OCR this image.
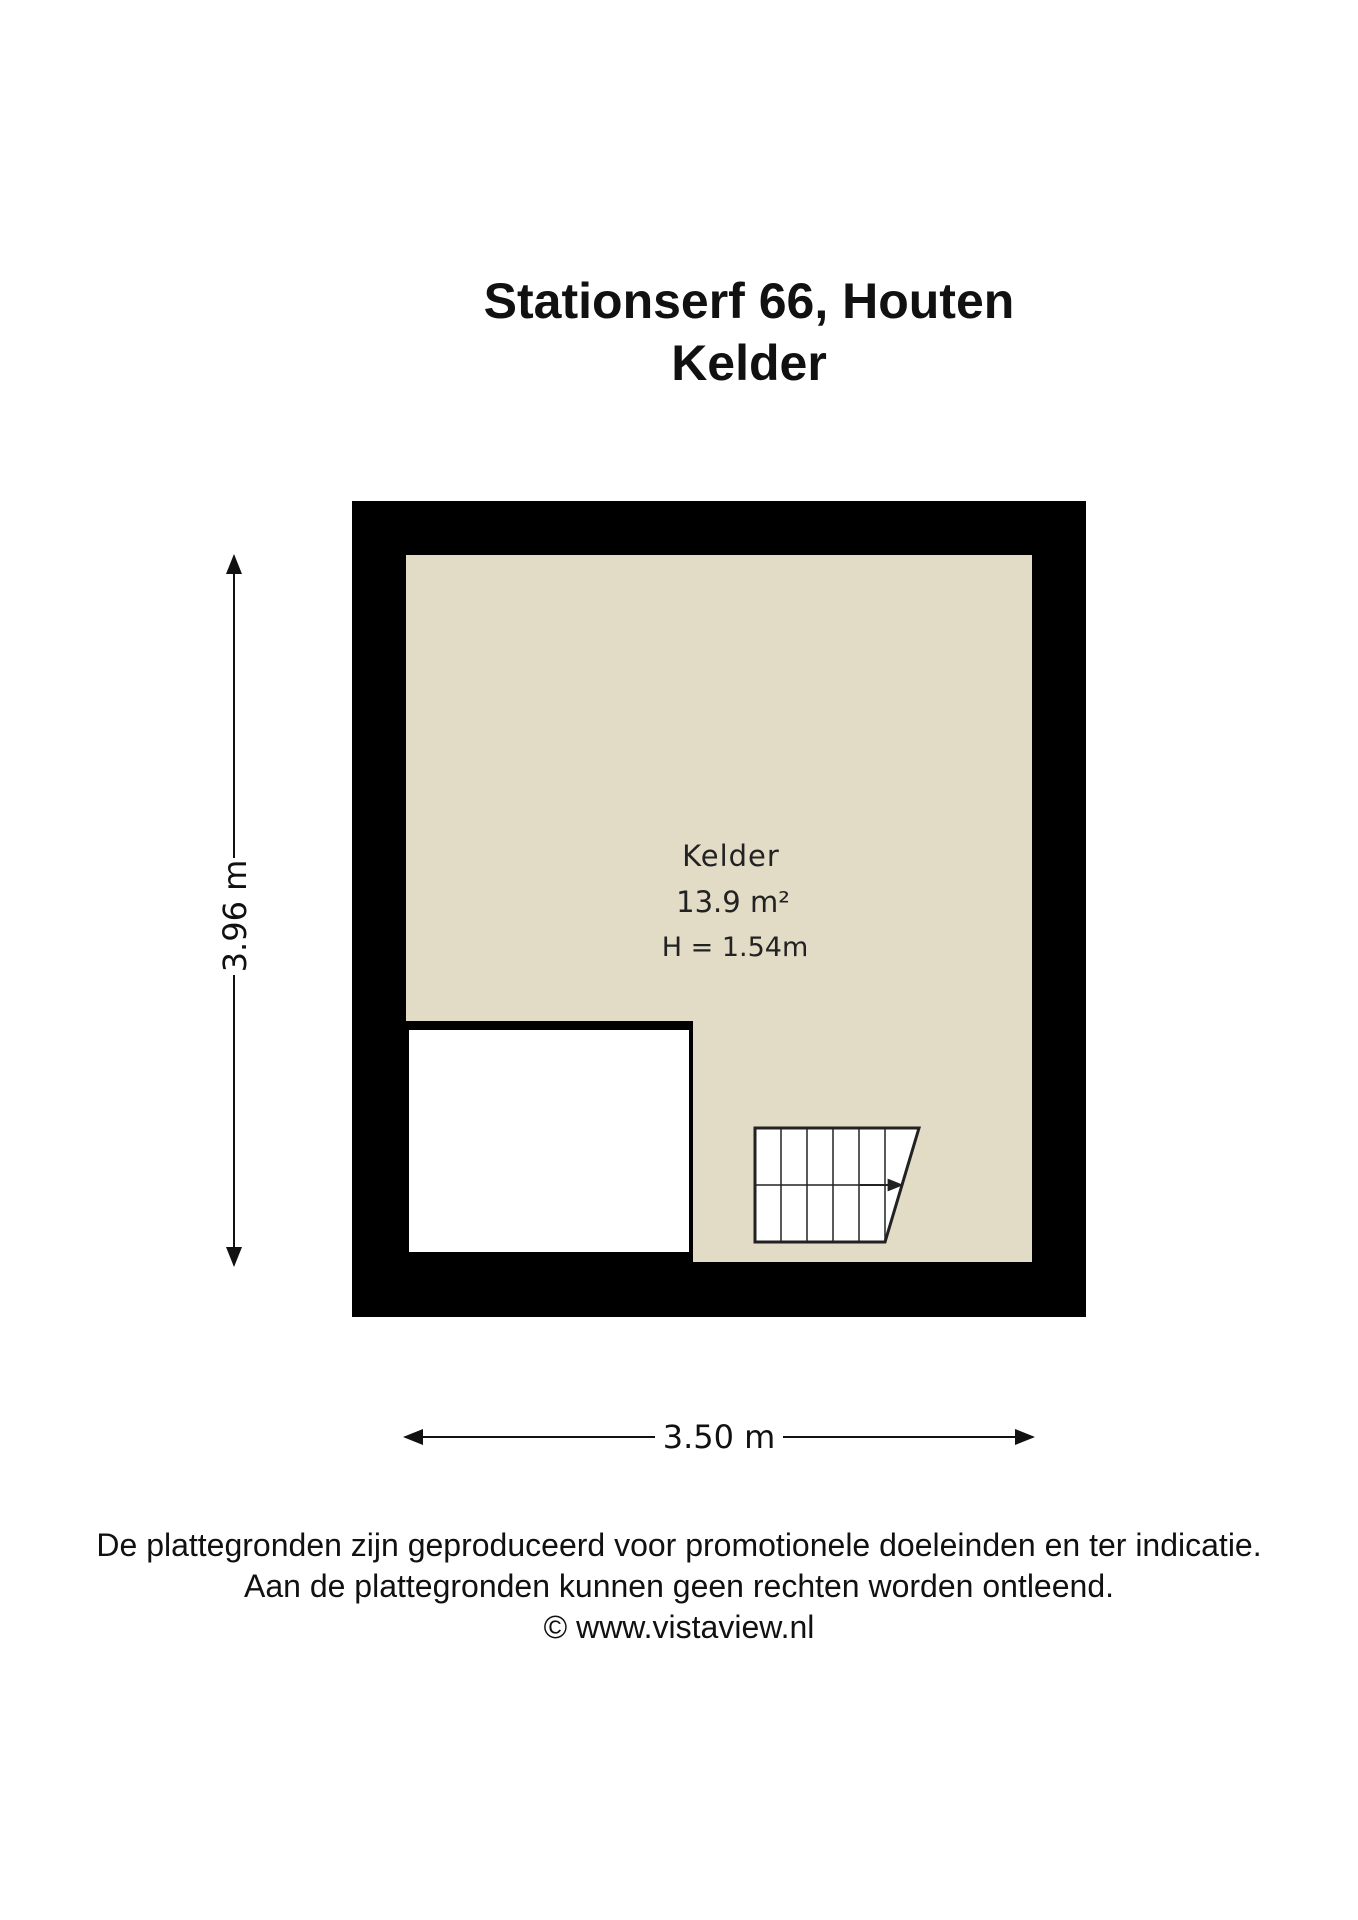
Stationserf 66, Houten
Kelder
Kelder
13.9 m²
H = 1.54m
3.96 m
3.50 m
De plattegronden zijn geproduceerd voor promotionele doeleinden en ter indicatie.
Aan de plattegronden kunnen geen rechten worden ontleend.
© www.vistaview.nl
